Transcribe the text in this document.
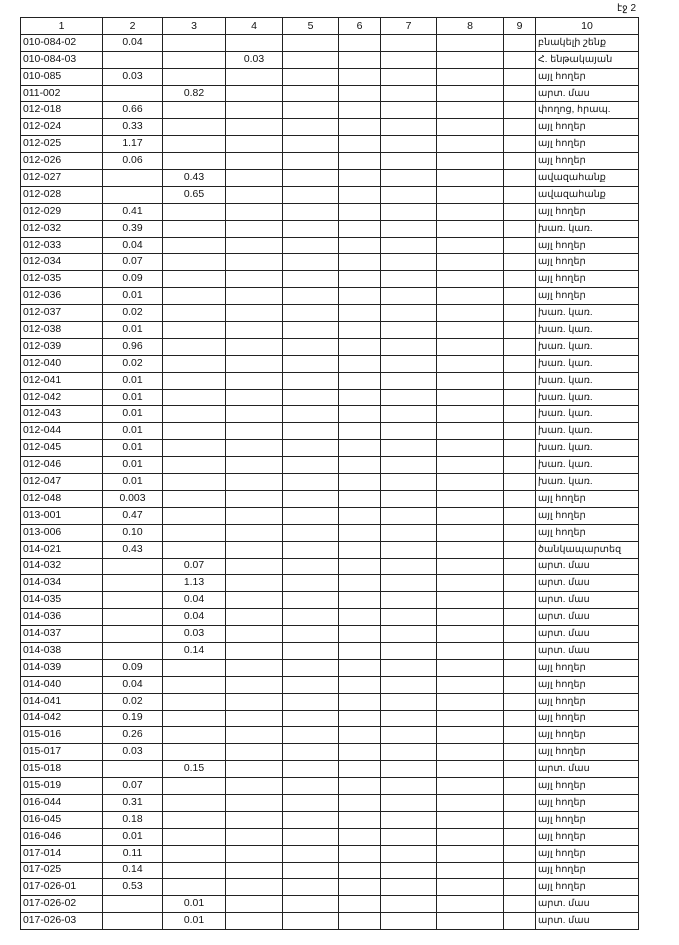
էջ 2
1	2	3	4	5	6	7	8	9	10
010-084-02	0.04								բնակելի շենք
010-084-03			0.03						Հ. ենթակայան
010-085	0.03								այլ հողեր
011-002		0.82							արտ. մաս
012-018	0.66								փողոց, հրապ.
012-024	0.33								այլ հողեր
012-025	1.17								այլ հողեր
012-026	0.06								այլ հողեր
012-027		0.43							ավազահանք
012-028		0.65							ավազահանք
012-029	0.41								այլ հողեր
012-032	0.39								խառ. կառ.
012-033	0.04								այլ հողեր
012-034	0.07								այլ հողեր
012-035	0.09								այլ հողեր
012-036	0.01								այլ հողեր
012-037	0.02								խառ. կառ.
012-038	0.01								խառ. կառ.
012-039	0.96								խառ. կառ.
012-040	0.02								խառ. կառ.
012-041	0.01								խառ. կառ.
012-042	0.01								խառ. կառ.
012-043	0.01								խառ. կառ.
012-044	0.01								խառ. կառ.
012-045	0.01								խառ. կառ.
012-046	0.01								խառ. կառ.
012-047	0.01								խառ. կառ.
012-048	0.003								այլ հողեր
013-001	0.47								այլ հողեր
013-006	0.10								այլ հողեր
014-021	0.43								ծանկապարտեզ
014-032		0.07							արտ. մաս
014-034		1.13							արտ. մաս
014-035		0.04							արտ. մաս
014-036		0.04							արտ. մաս
014-037		0.03							արտ. մաս
014-038		0.14							արտ. մաս
014-039	0.09								այլ հողեր
014-040	0.04								այլ հողեր
014-041	0.02								այլ հողեր
014-042	0.19								այլ հողեր
015-016	0.26								այլ հողեր
015-017	0.03								այլ հողեր
015-018		0.15							արտ. մաս
015-019	0.07								այլ հողեր
016-044	0.31								այլ հողեր
016-045	0.18								այլ հողեր
016-046	0.01								այլ հողեր
017-014	0.11								այլ հողեր
017-025	0.14								այլ հողեր
017-026-01	0.53								այլ հողեր
017-026-02		0.01							արտ. մաս
017-026-03		0.01							արտ. մաս
